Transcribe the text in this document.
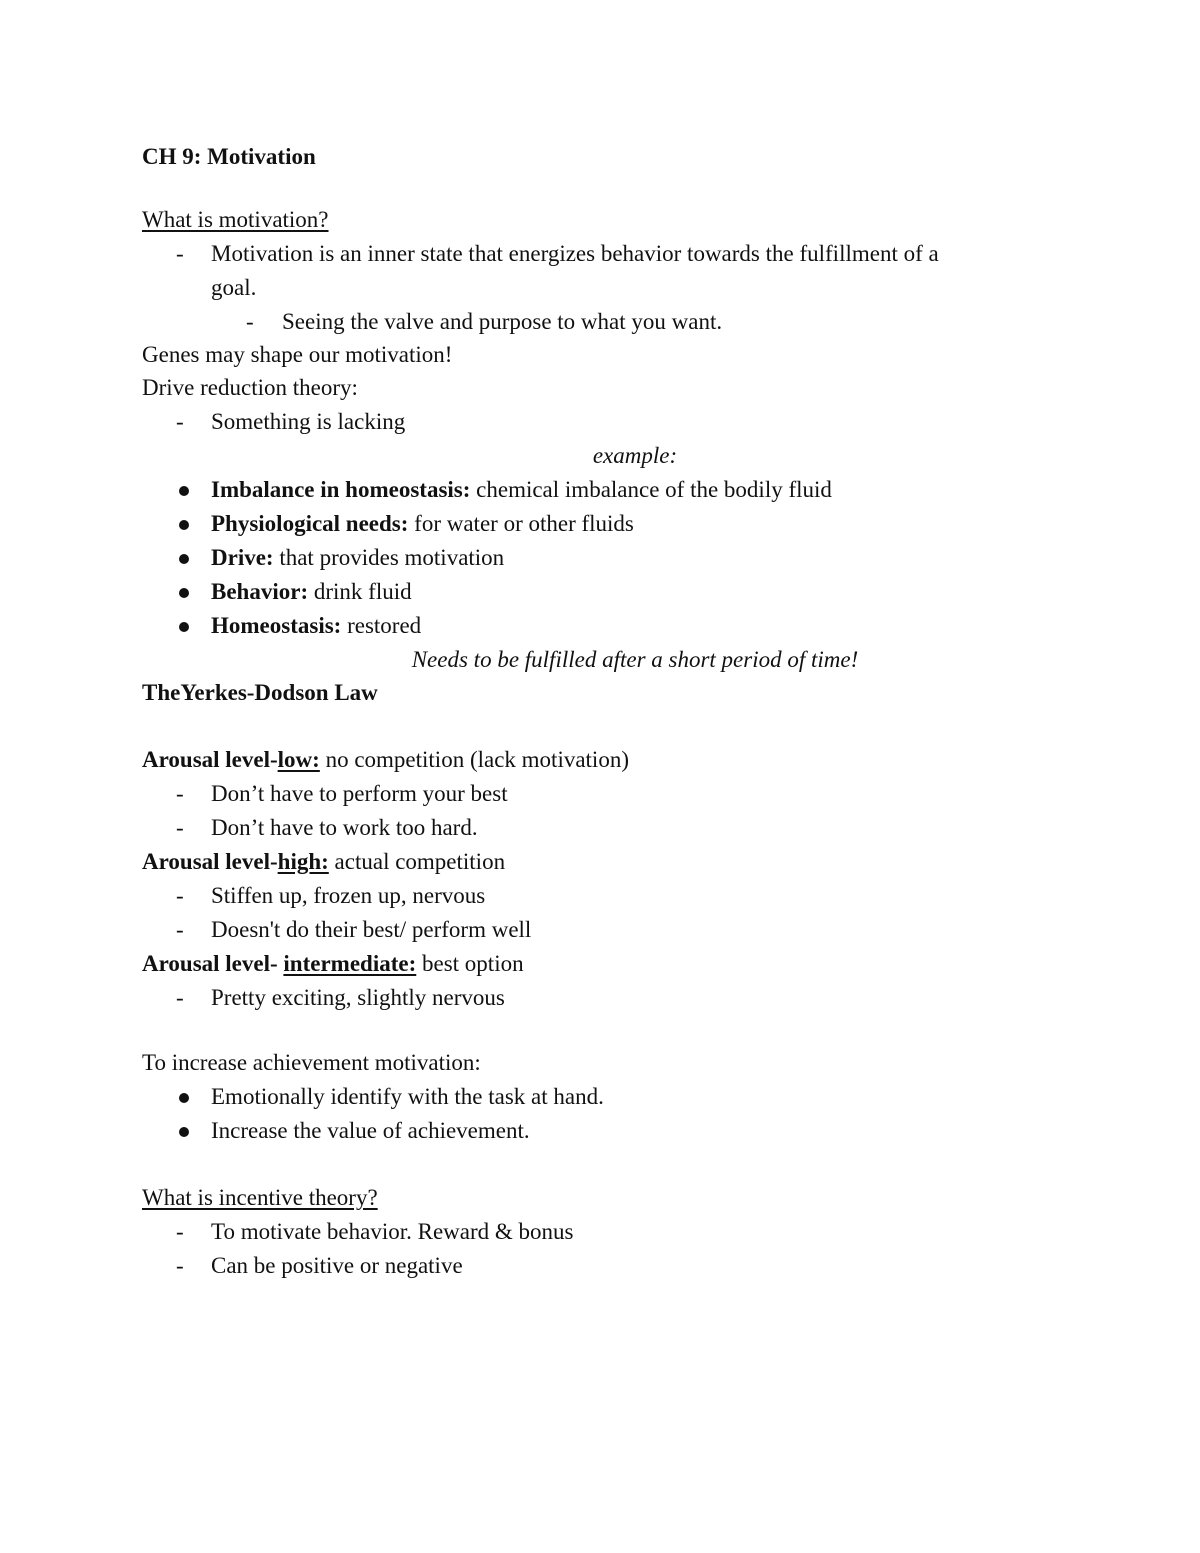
CH 9: Motivation
What is motivation?
-	Motivation is an inner state that energizes behavior towards the fulfillment of a
goal.
-	Seeing the valve and purpose to what you want.
Genes may shape our motivation!
Drive reduction theory:
-	Something is lacking
example:
Imbalance in homeostasis: chemical imbalance of the bodily fluid
Physiological needs: for water or other fluids
Drive: that provides motivation
Behavior: drink fluid
Homeostasis: restored
Needs to be fulfilled after a short period of time!
TheYerkes-Dodson Law
Arousal level-low: no competition (lack motivation)
-	Don’t have to perform your best
-	Don’t have to work too hard.
Arousal level-high: actual competition
-	Stiffen up, frozen up, nervous
-	Doesn't do their best/ perform well
Arousal level- intermediate: best option
-	Pretty exciting, slightly nervous
To increase achievement motivation:
Emotionally identify with the task at hand.
Increase the value of achievement.
What is incentive theory?
-	To motivate behavior. Reward & bonus
-	Can be positive or negative
